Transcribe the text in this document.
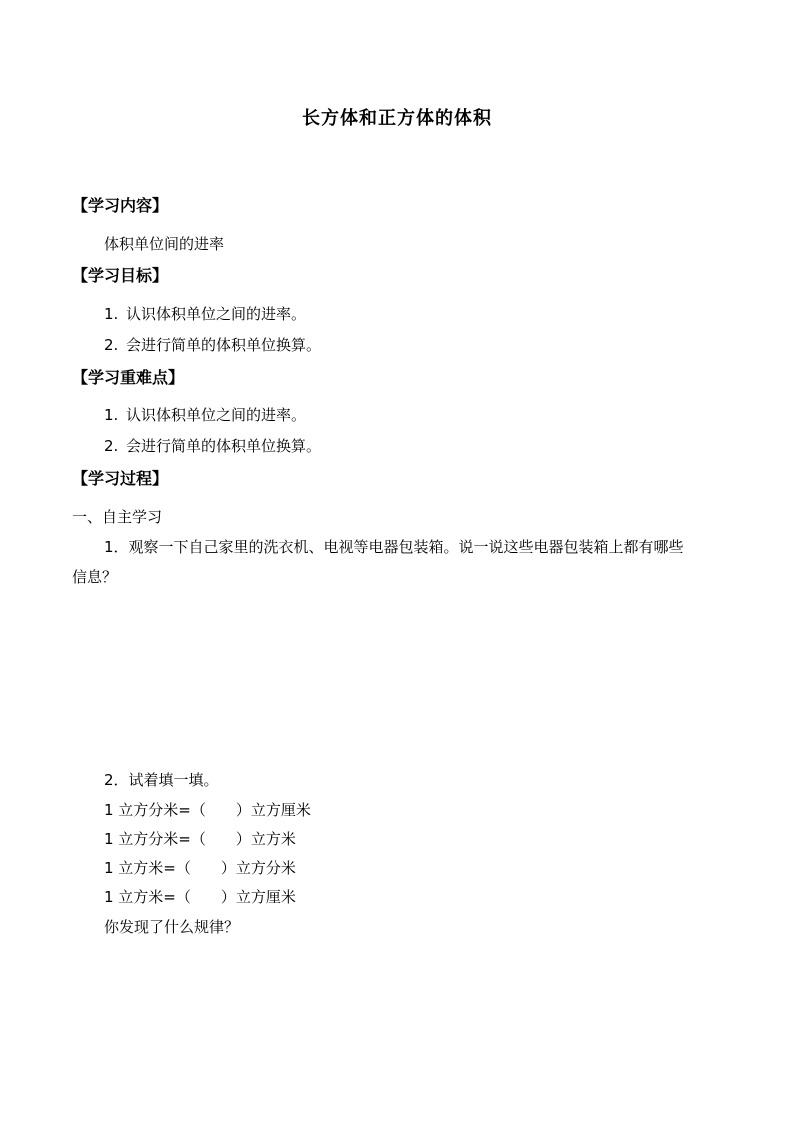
长方体和正方体的体积
【学习内容】
体积单位间的进率
【学习目标】
1. 认识体积单位之间的进率。
2. 会进行简单的体积单位换算。
【学习重难点】
1. 认识体积单位之间的进率。
2. 会进行简单的体积单位换算。
【学习过程】
一、自主学习
1．观察一下自己家里的洗衣机、电视等电器包装箱。说一说这些电器包装箱上都有哪些
信息？
2．试着填一填。
1 立方分米=（ ）立方厘米
1 立方分米=（ ）立方米
1 立方米=（ ）立方分米
1 立方米=（ ）立方厘米
你发现了什么规律？
